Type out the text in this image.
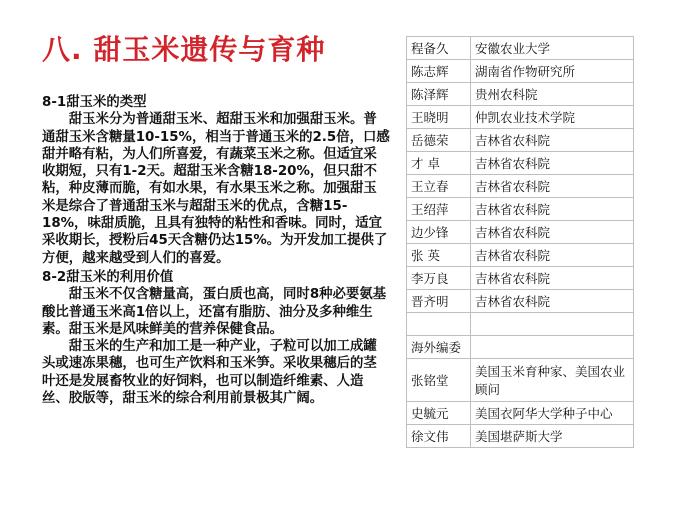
八. 甜玉米遗传与育种
8-1甜玉米的类型

甜玉米分为普通甜玉米、超甜玉米和加强甜玉米。普通甜玉米含糖量10-15%，相当于普通玉米的2.5倍，口感甜并略有粘，为人们所喜爱，有蔬菜玉米之称。但适宜采收期短，只有1-2天。超甜玉米含糖18-20%，但只甜不粘，种皮薄而脆，有如水果，有水果玉米之称。加强甜玉米是综合了普通甜玉米与超甜玉米的优点，含糖15-18%，味甜质脆，且具有独特的粘性和香味。同时，适宜采收期长，授粉后45天含糖仍达15%。为开发加工提供了方便，越来越受到人们的喜爱。

8-2甜玉米的利用价值

甜玉米不仅含糖量高，蛋白质也高，同时8种必要氨基酸比普通玉米高1倍以上，还富有脂肪、油分及多种维生素。甜玉米是风味鲜美的营养保健食品。

甜玉米的生产和加工是一种产业，子粒可以加工成罐头或速冻果穗，也可生产饮料和玉米笋。采收果穗后的茎叶还是发展畜牧业的好饲料，也可以制造纤维素、人造丝、胶版等，甜玉米的综合利用前景极其广阔。

程备久	安徽农业大学
陈志辉	湖南省作物研究所
陈泽辉	贵州农科院
王晓明	仲凯农业技术学院
岳德荣	吉林省农科院
才 卓	吉林省农科院
王立春	吉林省农科院
王绍萍	吉林省农科院
边少锋	吉林省农科院
张 英	吉林省农科院
李万良	吉林省农科院
晋齐明	吉林省农科院

海外编委	
张铭堂	美国玉米育种家、美国农业顾问
史毓元	美国衣阿华大学种子中心
徐文伟	美国堪萨斯大学
